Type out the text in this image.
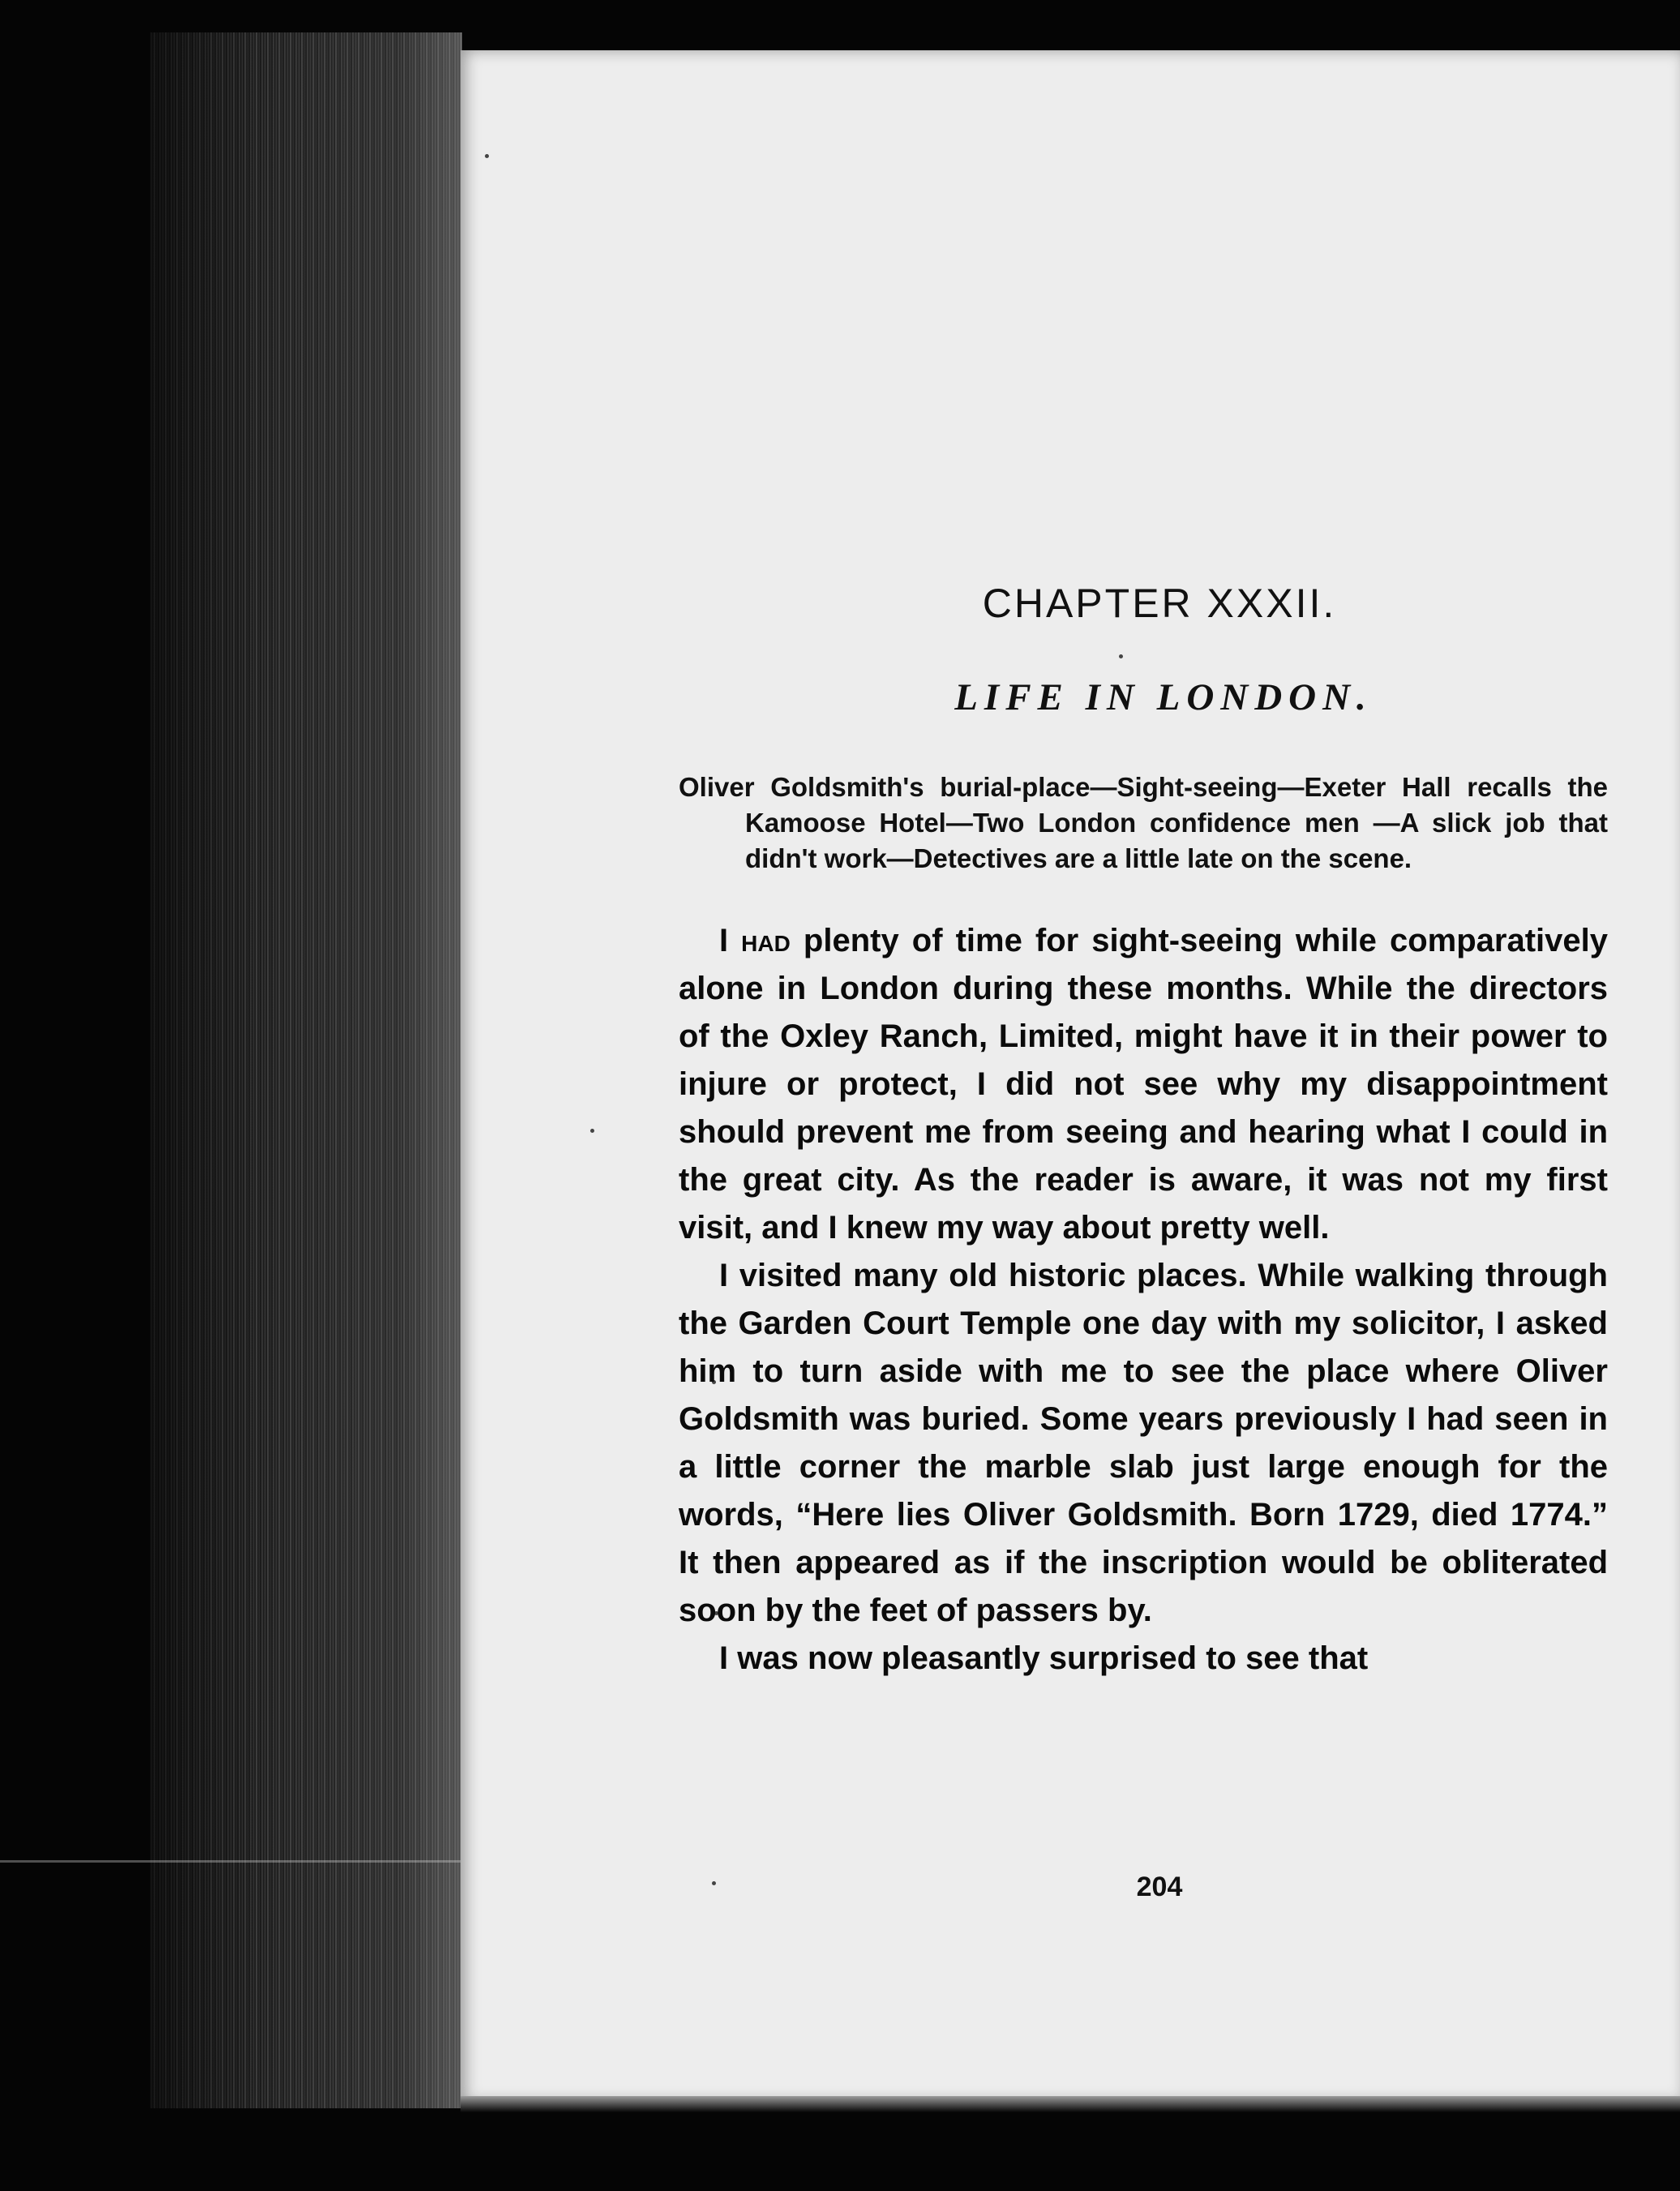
CHAPTER XXXII.
LIFE IN LONDON.
Oliver Goldsmith's burial-place—Sight-seeing—Exeter Hall recalls the Kamoose Hotel—Two London confidence men —A slick job that didn't work—Detectives are a little late on the scene.

I had plenty of time for sight-seeing while comparatively alone in London during these months. While the directors of the Oxley Ranch, Limited, might have it in their power to injure or protect, I did not see why my disappointment should prevent me from seeing and hearing what I could in the great city. As the reader is aware, it was not my first visit, and I knew my way about pretty well.

I visited many old historic places. While walking through the Garden Court Temple one day with my solicitor, I asked him to turn aside with me to see the place where Oliver Goldsmith was buried. Some years previously I had seen in a little corner the marble slab just large enough for the words, “Here lies Oliver Goldsmith. Born 1729, died 1774.” It then appeared as if the inscription would be obliterated soon by the feet of passers by.

I was now pleasantly surprised to see that

204
